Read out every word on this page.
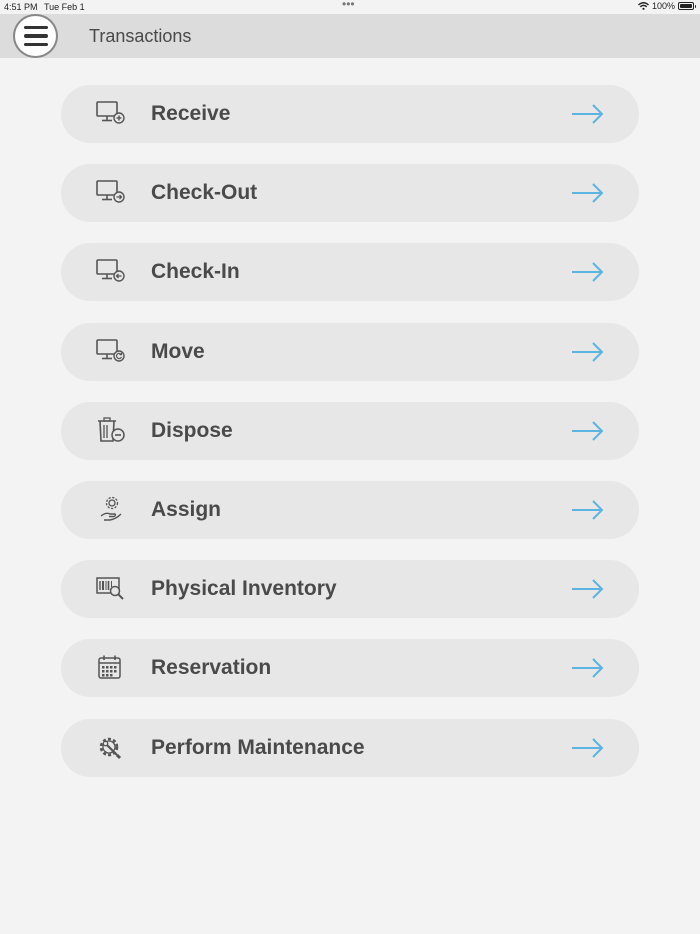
4:51 PM Tue Feb 1	•••	100%
Transactions
Receive
Check-Out
Check-In
Move
Dispose
Assign
Physical Inventory
Reservation
Perform Maintenance
